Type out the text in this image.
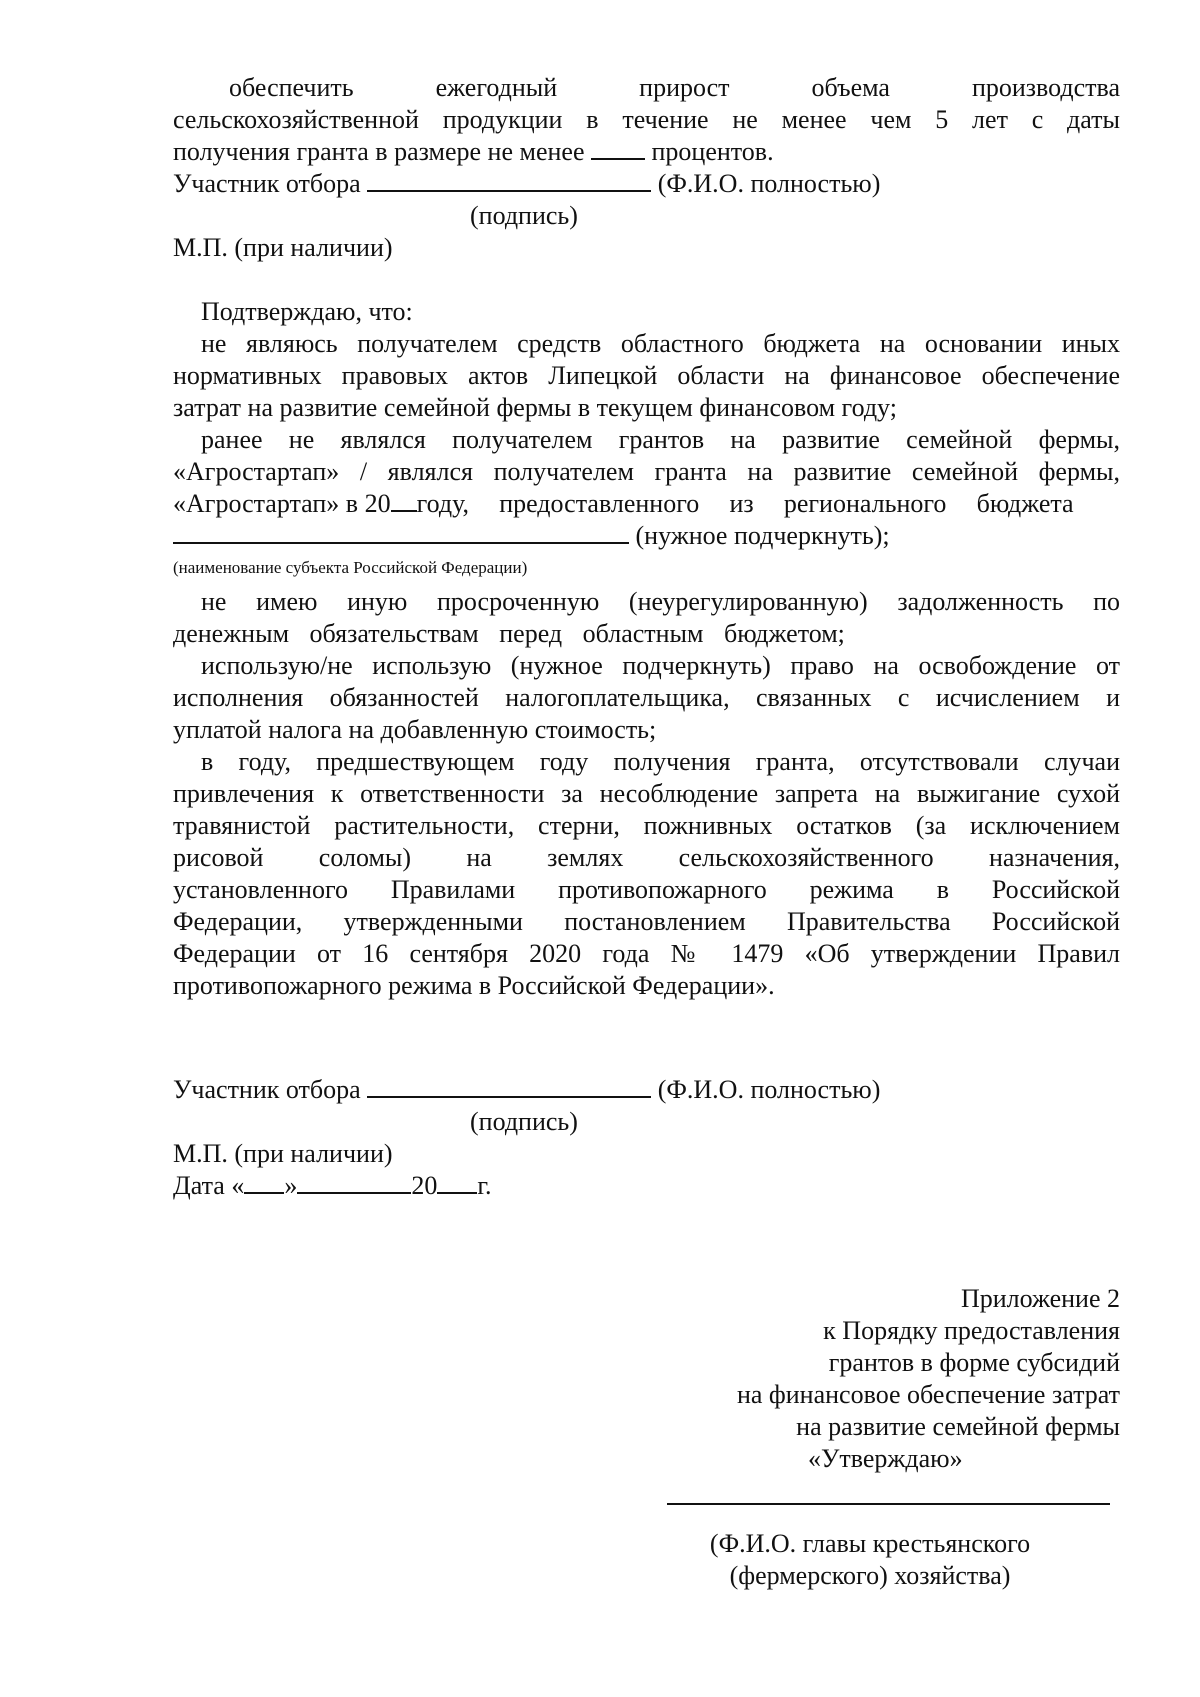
обеспечить ежегодный прирост объема производства
сельскохозяйственной продукции в течение не менее чем 5 лет с даты
получения гранта в размере не менее	процентов.
Участник отбора	(Ф.И.О. полностью)
(подпись)
М.П. (при наличии)
Подтверждаю, что:
не являюсь получателем средств областного бюджета на основании иных
нормативных правовых актов Липецкой области на финансовое обеспечение
затрат на развитие семейной фермы в текущем финансовом году;
ранее не являлся получателем грантов на развитие семейной фермы,
«Агростартап» / являлся получателем гранта на развитие семейной фермы,
«Агростартап» в 20 году, предоставленного из регионального бюджета
(нужное подчеркнуть);
(наименование субъекта Российской Федерации)
не имею иную просроченную (неурегулированную) задолженность по
денежным обязательствам перед областным бюджетом;
использую/не использую (нужное подчеркнуть) право на освобождение от
исполнения обязанностей налогоплательщика, связанных с исчислением и
уплатой налога на добавленную стоимость;
в году, предшествующем году получения гранта, отсутствовали случаи
привлечения к ответственности за несоблюдение запрета на выжигание сухой
травянистой растительности, стерни, пожнивных остатков (за исключением
рисовой соломы) на землях сельскохозяйственного назначения,
установленного Правилами противопожарного режима в Российской
Федерации, утвержденными постановлением Правительства Российской
Федерации от 16 сентября 2020 года № 1479 «Об утверждении Правил
противопожарного режима в Российской Федерации».
Участник отбора	(Ф.И.О. полностью)
(подпись)
М.П. (при наличии)
Дата « »	20 г.
Приложение 2
к Порядку предоставления
грантов в форме субсидий
на финансовое обеспечение затрат
на развитие семейной фермы
«Утверждаю»
(Ф.И.О. главы крестьянского
(фермерского) хозяйства)
